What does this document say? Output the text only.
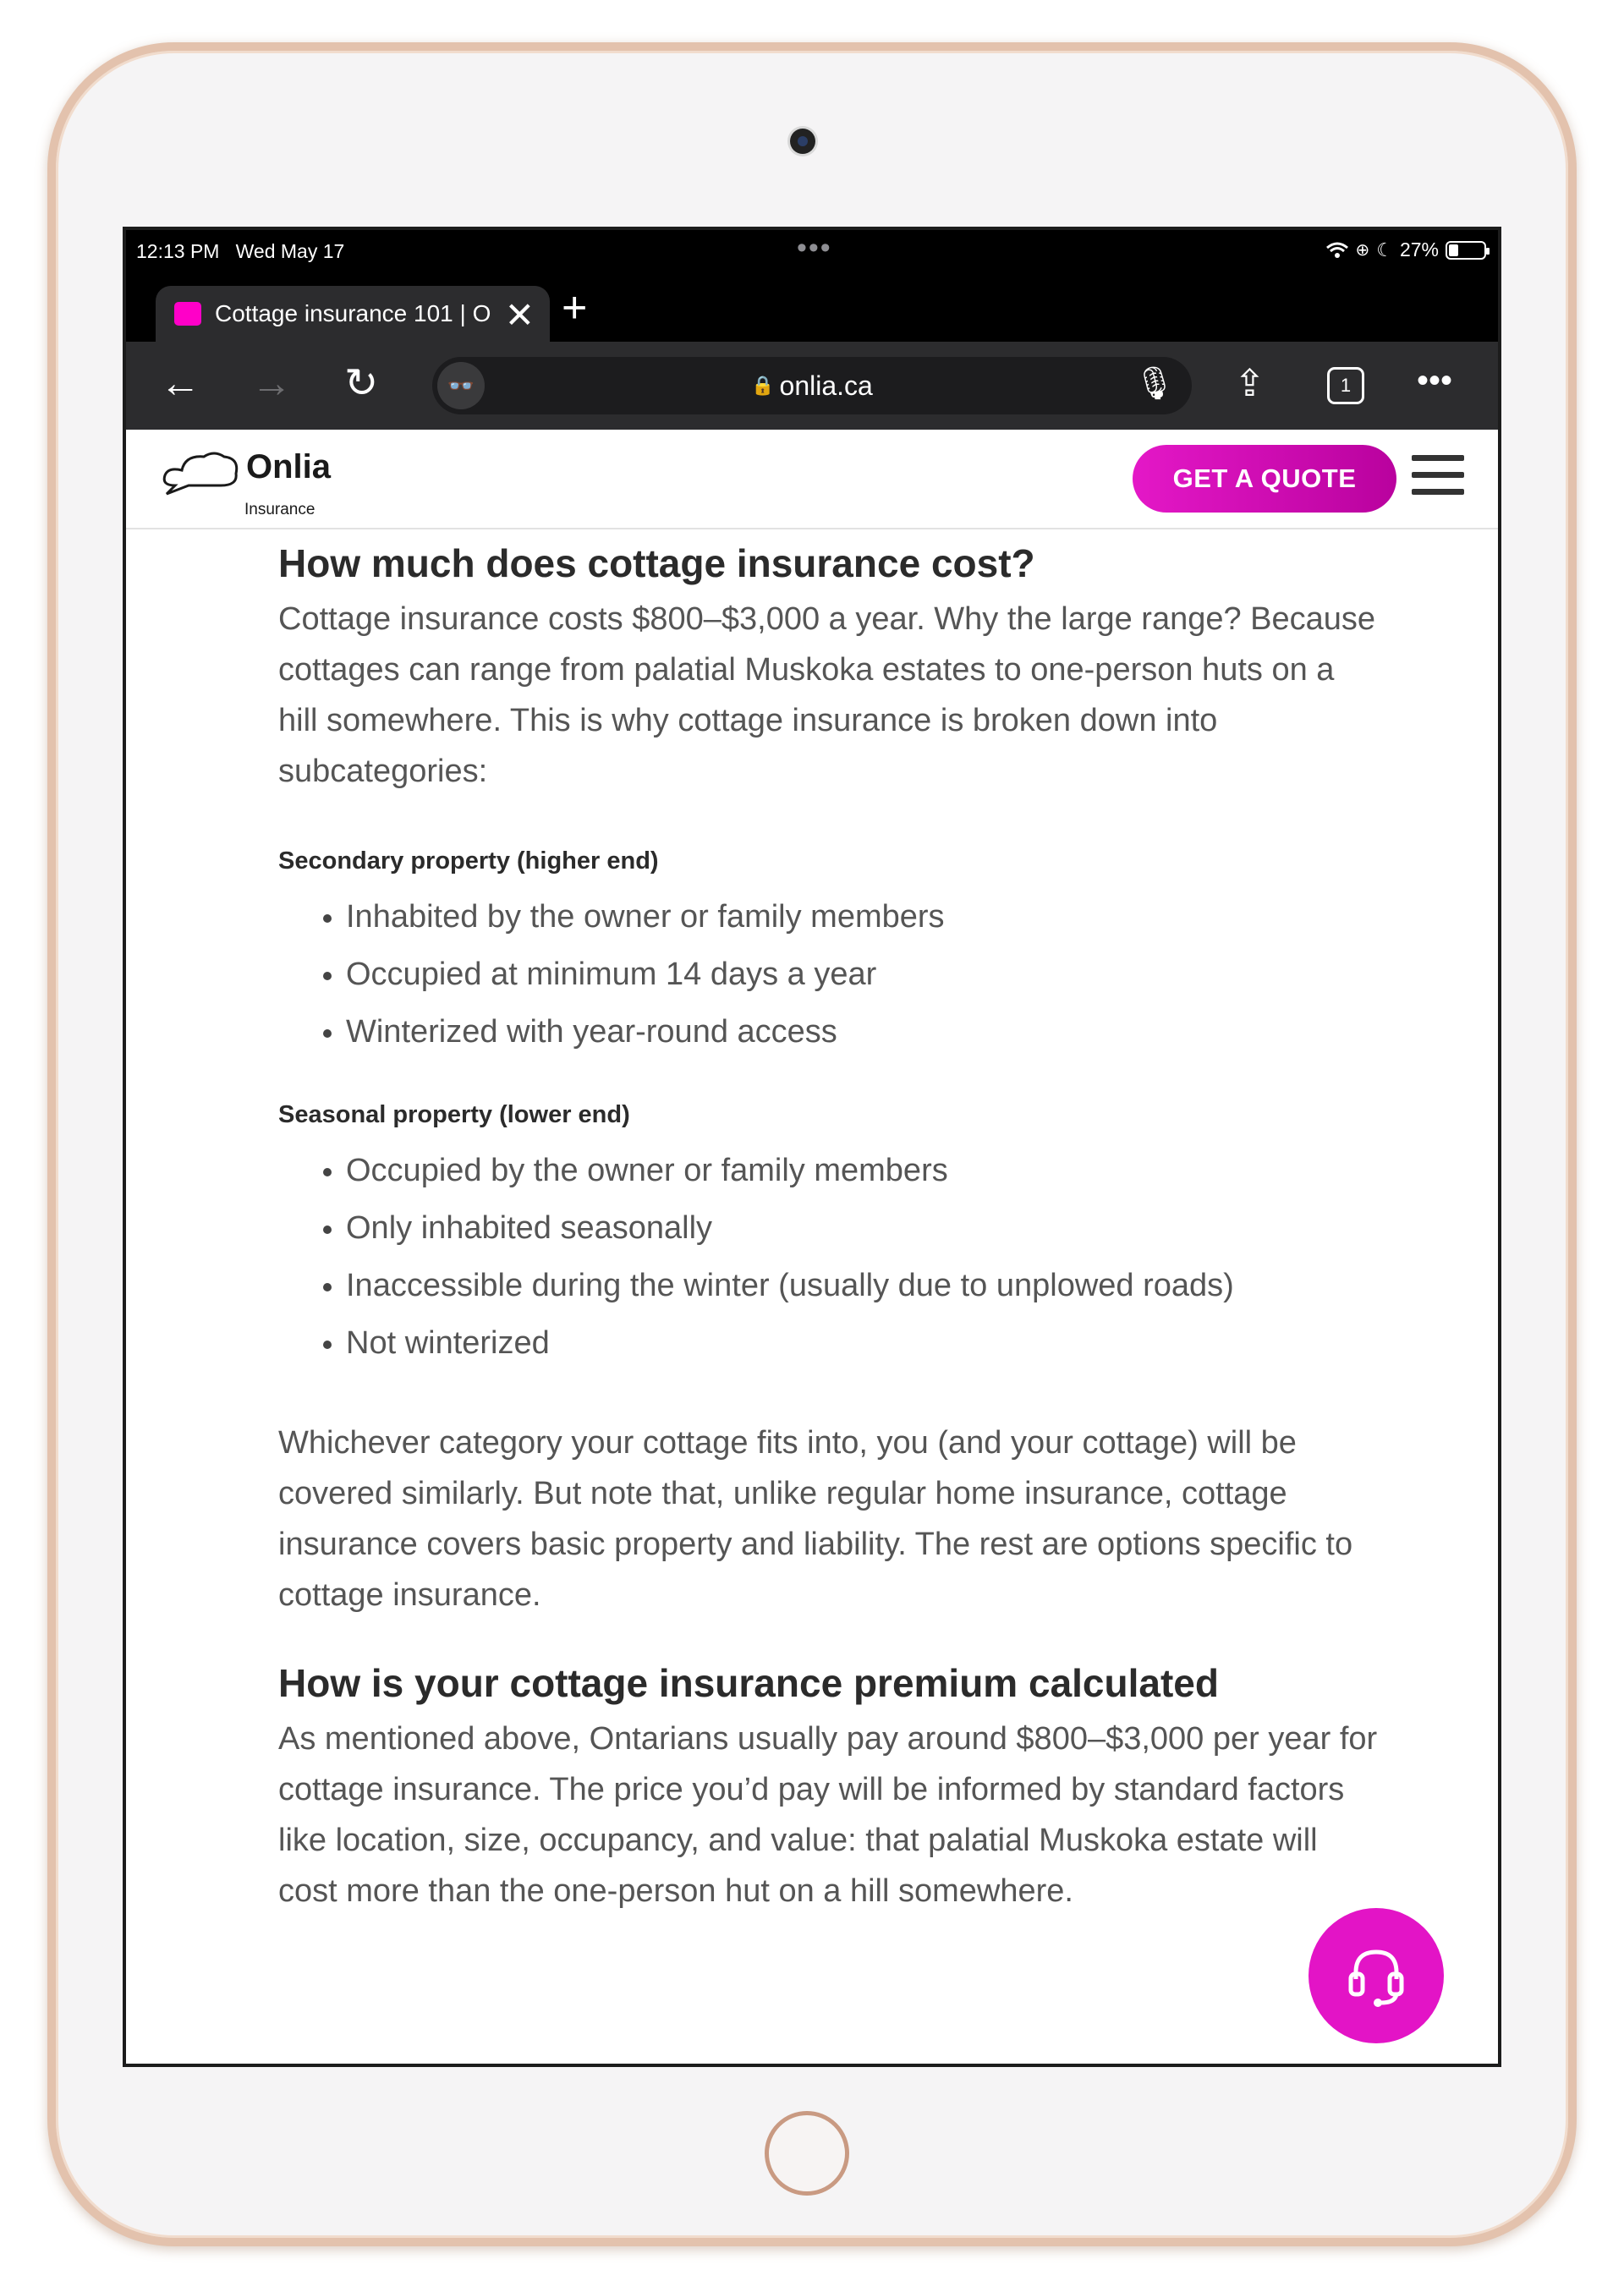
12:13 PM Wed May 17	•••	⊕ ☾ 27%
Cottage insurance 101 | O ✕ +
← → ↻	👓	🔒 onlia.ca	🎙 ⇪	1	•••
Onlia
Insurance
GET A QUOTE
How much does cottage insurance cost?

Cottage insurance costs $800–$3,000 a year. Why the large range? Because cottages can range from palatial Muskoka estates to one-person huts on a hill somewhere. This is why cottage insurance is broken down into subcategories:

Secondary property (higher end)
• Inhabited by the owner or family members
• Occupied at minimum 14 days a year
• Winterized with year-round access
Seasonal property (lower end)
• Occupied by the owner or family members
• Only inhabited seasonally
• Inaccessible during the winter (usually due to unplowed roads)
• Not winterized

Whichever category your cottage fits into, you (and your cottage) will be covered similarly. But note that, unlike regular home insurance, cottage insurance covers basic property and liability. The rest are options specific to cottage insurance.

How is your cottage insurance premium calculated

As mentioned above, Ontarians usually pay around $800–$3,000 per year for cottage insurance. The price you’d pay will be informed by standard factors like location, size, occupancy, and value: that palatial Muskoka estate will cost more than the one-person hut on a hill somewhere.
